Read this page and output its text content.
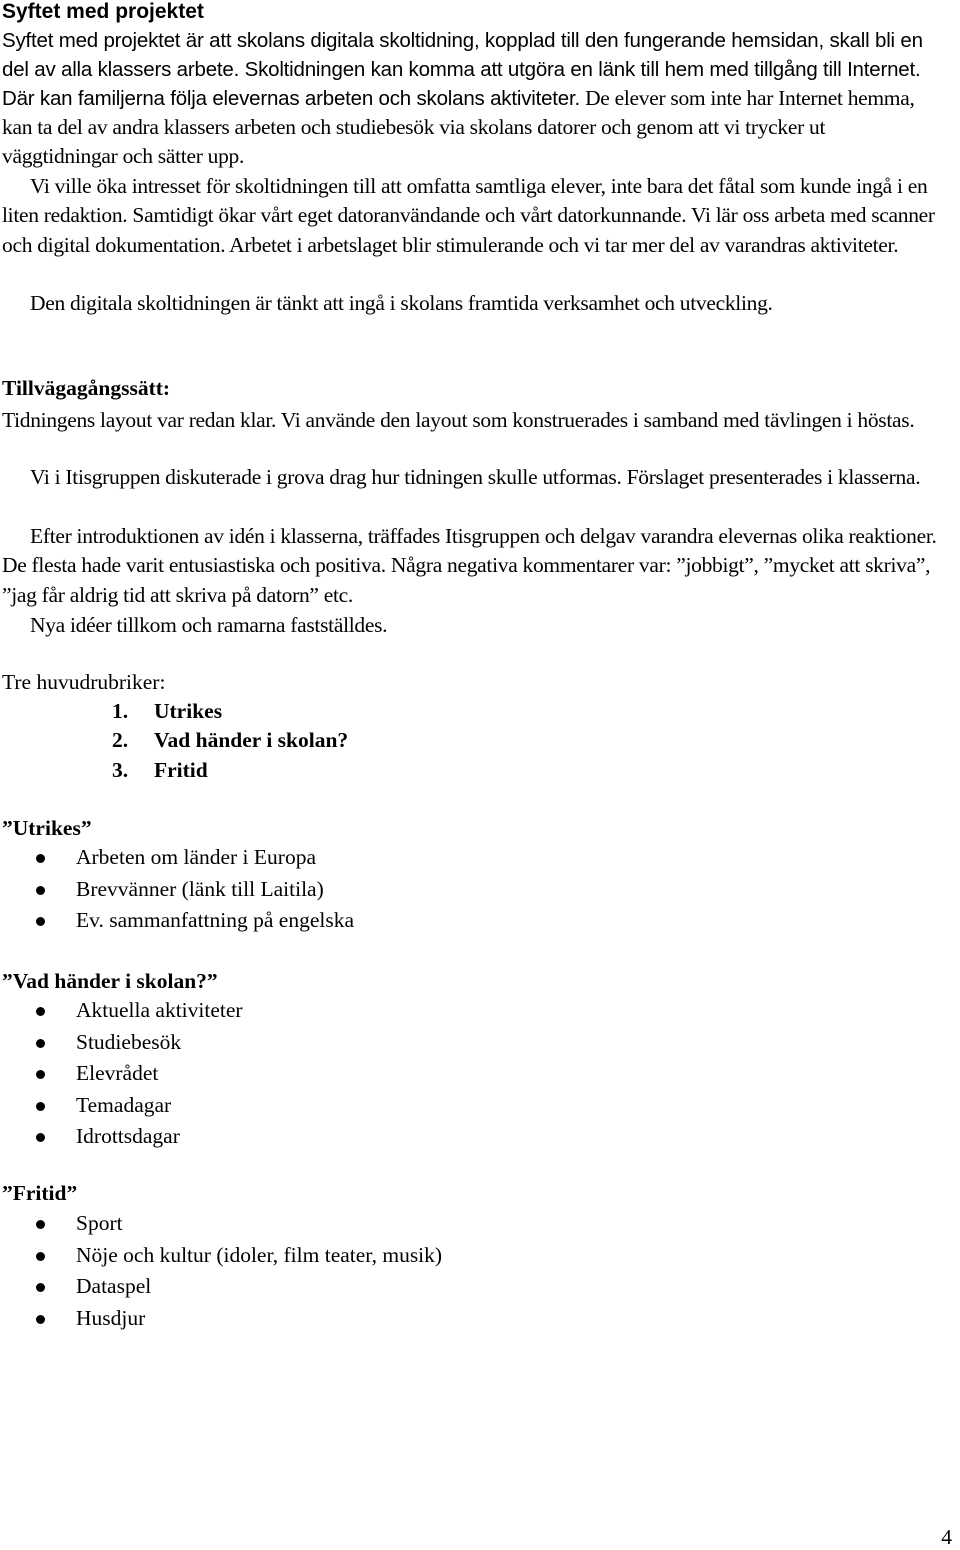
Syftet med projektet

Syftet med projektet är att skolans digitala skoltidning, kopplad till den fungerande hemsidan, skall bli en del av alla klassers arbete. Skoltidningen kan komma att utgöra en länk till hem med tillgång till Internet. Där kan familjerna följa elevernas arbeten och skolans aktiviteter. De elever som inte har Internet hemma, kan ta del av andra klassers arbeten och studiebesök via skolans datorer och genom att vi trycker ut väggtidningar och sätter upp.

Vi ville öka intresset för skoltidningen till att omfatta samtliga elever, inte bara det fåtal som kunde ingå i en liten redaktion. Samtidigt ökar vårt eget datoranvändande och vårt datorkunnande. Vi lär oss arbeta med scanner och digital dokumentation. Arbetet i arbetslaget blir stimulerande och vi tar mer del av varandras aktiviteter.

Den digitala skoltidningen är tänkt att ingå i skolans framtida verksamhet och utveckling.

Tillvägagångssätt:

Tidningens layout var redan klar. Vi använde den layout som konstruerades i samband med tävlingen i höstas.

Vi i Itisgruppen diskuterade i grova drag hur tidningen skulle utformas. Förslaget presenterades i klasserna.

Efter introduktionen av idén i klasserna, träffades Itisgruppen och delgav varandra elevernas olika reaktioner. De flesta hade varit entusiastiska och positiva. Några negativa kommentarer var: ”jobbigt”, ”mycket att skriva”, ”jag får aldrig tid att skriva på datorn” etc.

Nya idéer tillkom och ramarna fastställdes.

Tre huvudrubriker:
1. Utrikes
2. Vad händer i skolan?
3. Fritid
”Utrikes”
Arbeten om länder i Europa
Brevvänner (länk till Laitila)
Ev. sammanfattning på engelska
”Vad händer i skolan?”
Aktuella aktiviteter
Studiebesök
Elevrådet
Temadagar
Idrottsdagar
”Fritid”
Sport
Nöje och kultur (idoler, film teater, musik)
Dataspel
Husdjur
4
